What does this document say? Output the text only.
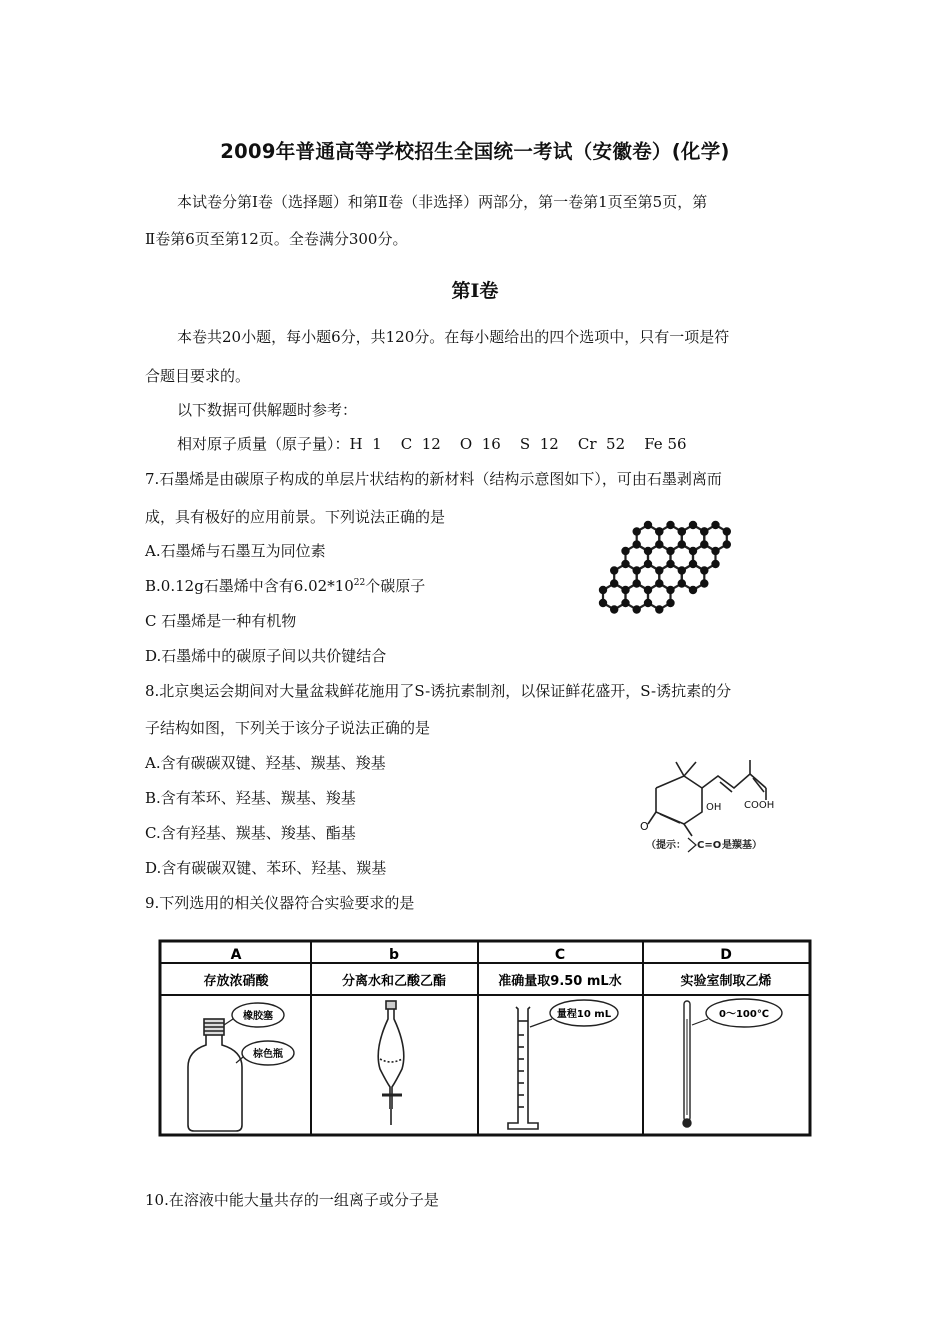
2009年普通高等学校招生全国统一考试（安徽卷）(化学)
本试卷分第Ⅰ卷（选择题）和第Ⅱ卷（非选择）两部分，第一卷第1页至第5页，第
Ⅱ卷第6页至第12页。全卷满分300分。
第Ⅰ卷
本卷共20小题，每小题6分，共120分。在每小题给出的四个选项中，只有一项是符
合题目要求的。
以下数据可供解题时参考：
相对原子质量（原子量）：H  1    C  12    O  16    S  12    Cr  52    Fe 56
7.石墨烯是由碳原子构成的单层片状结构的新材料（结构示意图如下），可由石墨剥离而
成，具有极好的应用前景。下列说法正确的是
A.石墨烯与石墨互为同位素
B.0.12g石墨烯中含有$6.02*10^{22}$个碳原子
C 石墨烯是一种有机物
D.石墨烯中的碳原子间以共价键结合
8.北京奥运会期间对大量盆栽鲜花施用了S-诱抗素制剂，以保证鲜花盛开，S-诱抗素的分
子结构如图，下列关于该分子说法正确的是
A.含有碳碳双键、羟基、羰基、羧基
B.含有苯环、羟基、羰基、羧基
C.含有羟基、羰基、羧基、酯基
D.含有碳碳双键、苯环、羟基、羰基
O
OH COOH
（提示： C=O 是羰基）
9.下列选用的相关仪器符合实验要求的是
A	b	C	D
存放浓硝酸	分离水和乙酸乙酯	准确量取9.50 mL水	实验室制取乙烯
橡胶塞
棕色瓶
量程10 mL	0～100℃
10.在溶液中能大量共存的一组离子或分子是
